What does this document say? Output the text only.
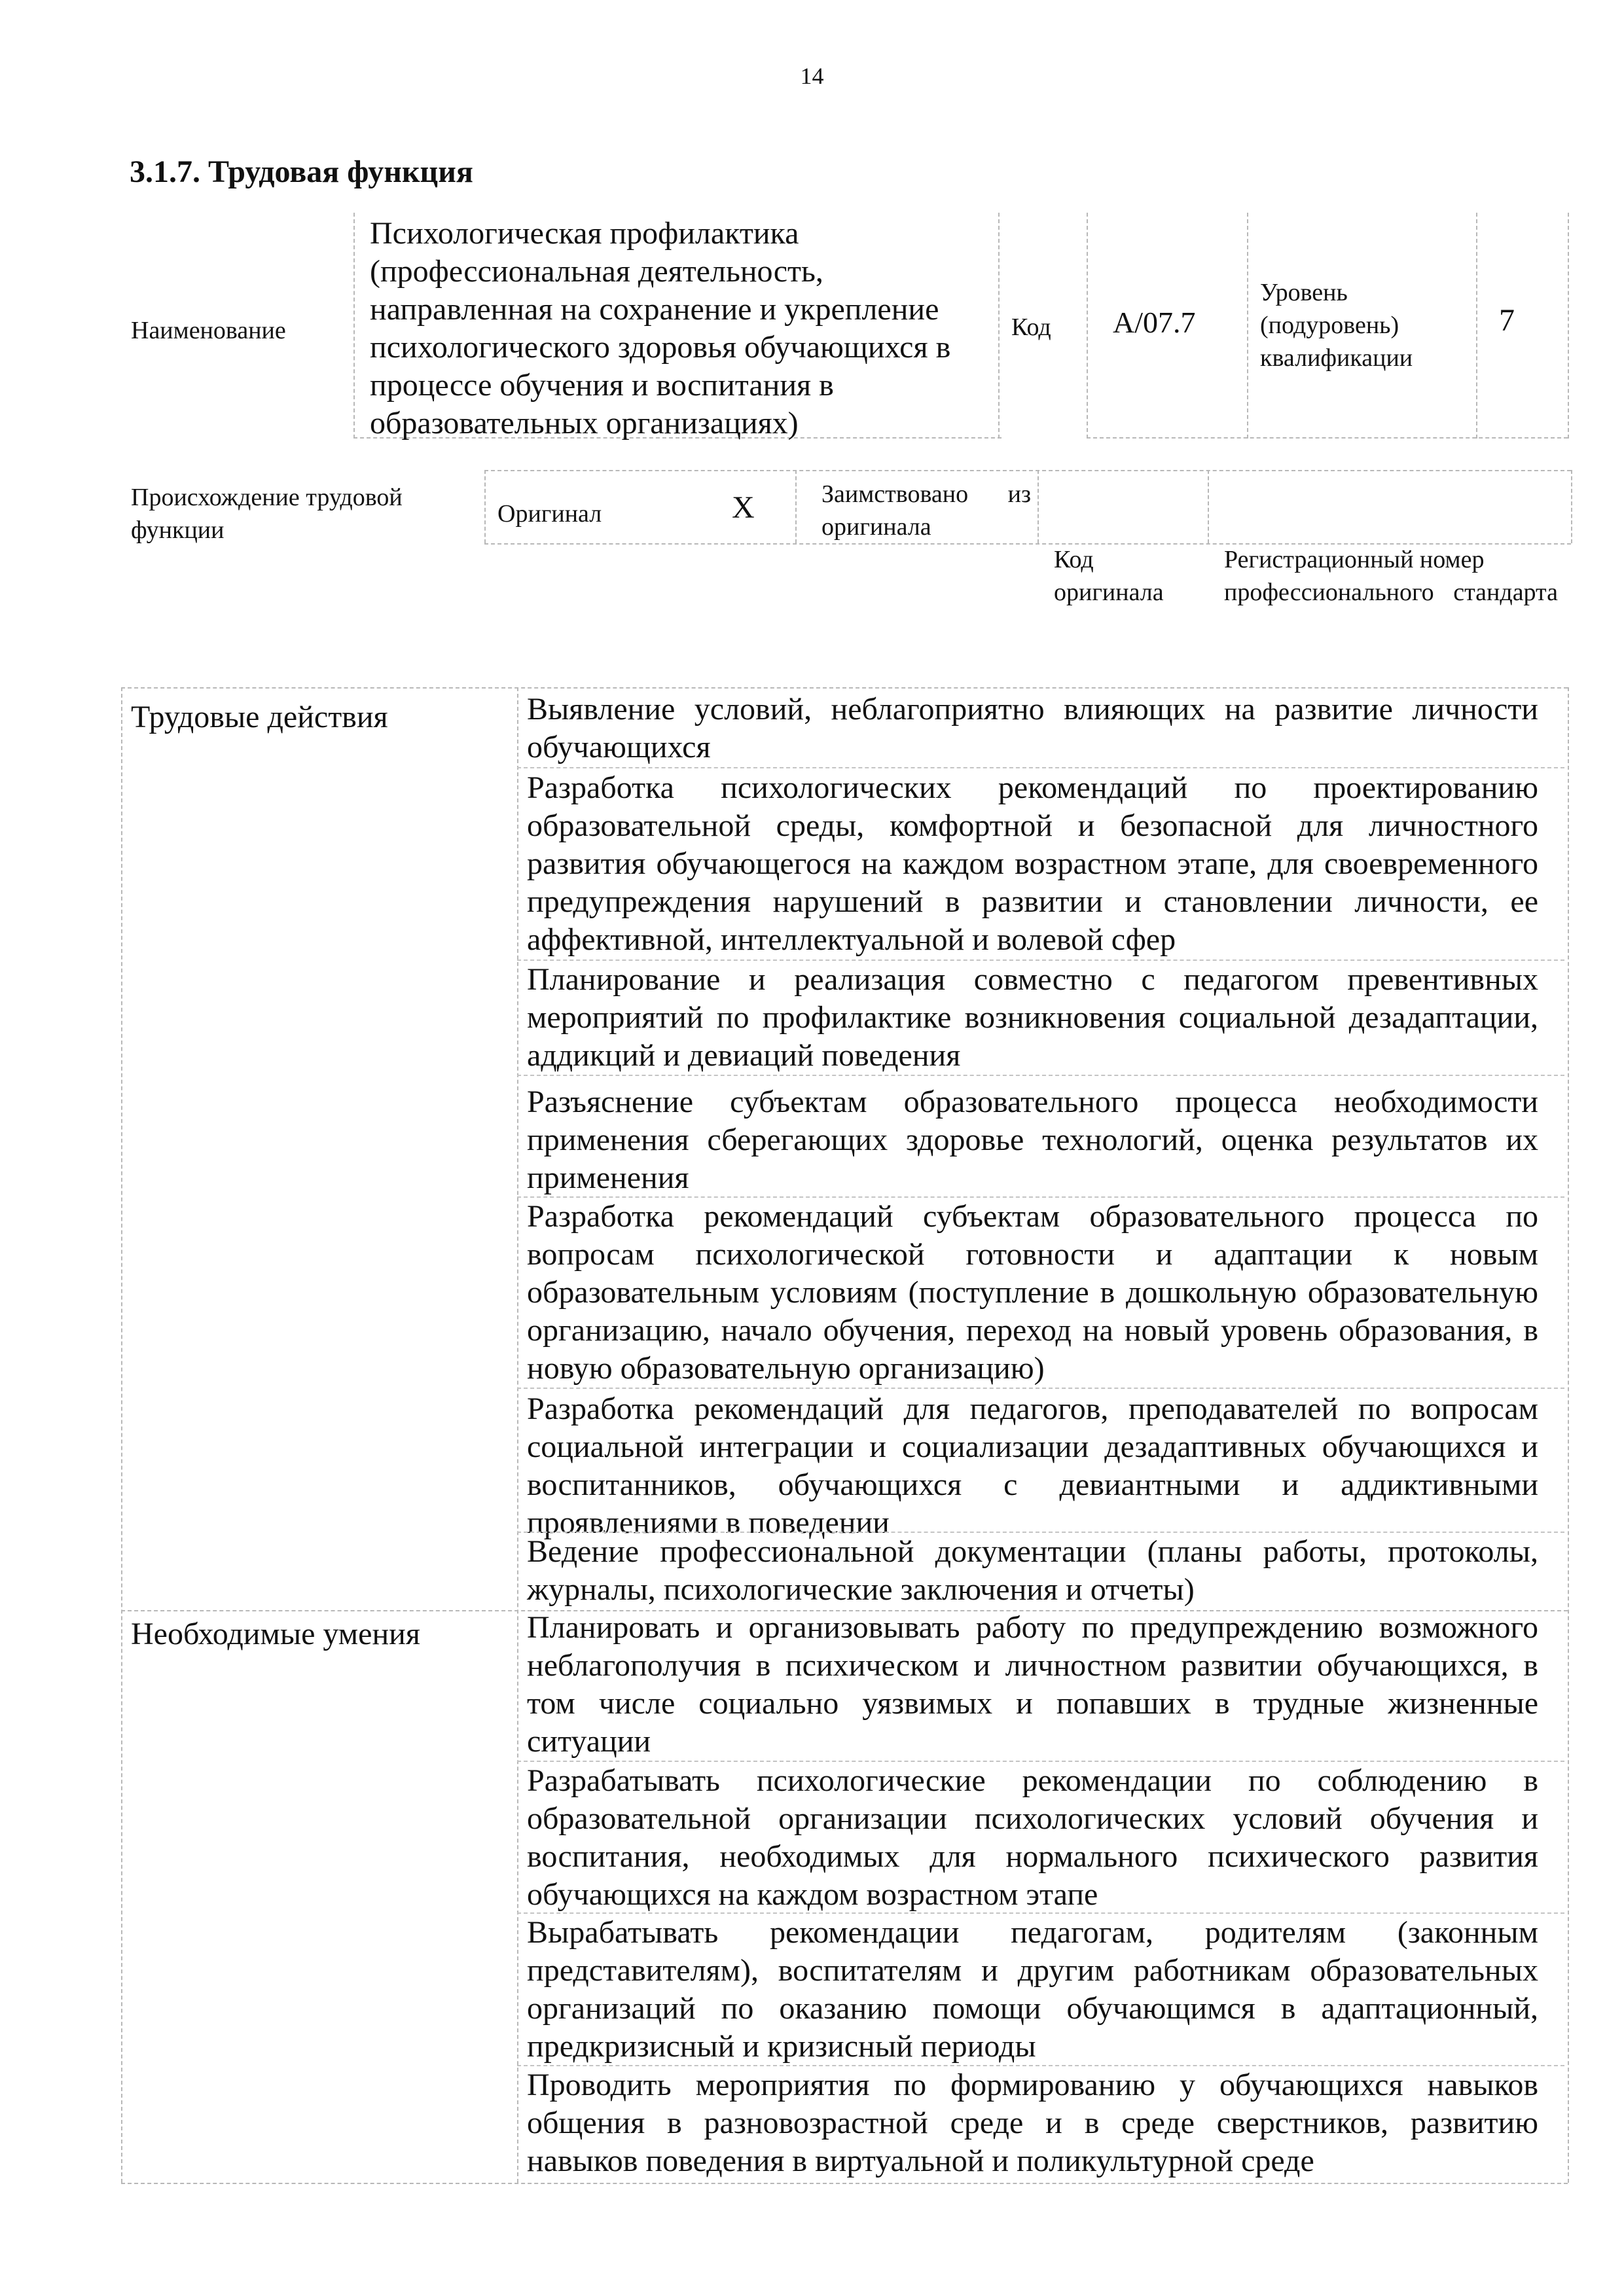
14
3.1.7. Трудовая функция
Наименование
Психологическая профилактика (профессиональная деятельность, направленная на сохранение и укрепление психологического здоровья обучающихся в процессе обучения и воспитания в образовательных организациях)
Код А/07.7
Уровень (подуровень) квалификации
7
Происхождение трудовой функции
Оригинал	X	Заимствовано из оригинала
Код оригинала
Регистрационный номер профессионального стандарта
Трудовые действия
Необходимые умения
Выявление условий, неблагоприятно влияющих на развитие личности обучающихся
Разработка психологических рекомендаций по проектированию образовательной среды, комфортной и безопасной для личностного развития обучающегося на каждом возрастном этапе, для своевременного предупреждения нарушений в развитии и становлении личности, ее аффективной, интеллектуальной и волевой сфер
Планирование и реализация совместно с педагогом превентивных мероприятий по профилактике возникновения социальной дезадаптации, аддикций и девиаций поведения
Разъяснение субъектам образовательного процесса необходимости применения сберегающих здоровье технологий, оценка результатов их применения
Разработка рекомендаций субъектам образовательного процесса по вопросам психологической готовности и адаптации к новым образовательным условиям (поступление в дошкольную образовательную организацию, начало обучения, переход на новый уровень образования, в новую образовательную организацию)
Разработка рекомендаций для педагогов, преподавателей по вопросам социальной интеграции и социализации дезадаптивных обучающихся и воспитанников, обучающихся с девиантными и аддиктивными проявлениями в поведении
Ведение профессиональной документации (планы работы, протоколы, журналы, психологические заключения и отчеты)
Планировать и организовывать работу по предупреждению возможного неблагополучия в психическом и личностном развитии обучающихся, в том числе социально уязвимых и попавших в трудные жизненные ситуации
Разрабатывать психологические рекомендации по соблюдению в образовательной организации психологических условий обучения и воспитания, необходимых для нормального психического развития обучающихся на каждом возрастном этапе
Вырабатывать рекомендации педагогам, родителям (законным представителям), воспитателям и другим работникам образовательных организаций по оказанию помощи обучающимся в адаптационный, предкризисный и кризисный периоды
Проводить мероприятия по формированию у обучающихся навыков общения в разновозрастной среде и в среде сверстников, развитию навыков поведения в виртуальной и поликультурной среде
